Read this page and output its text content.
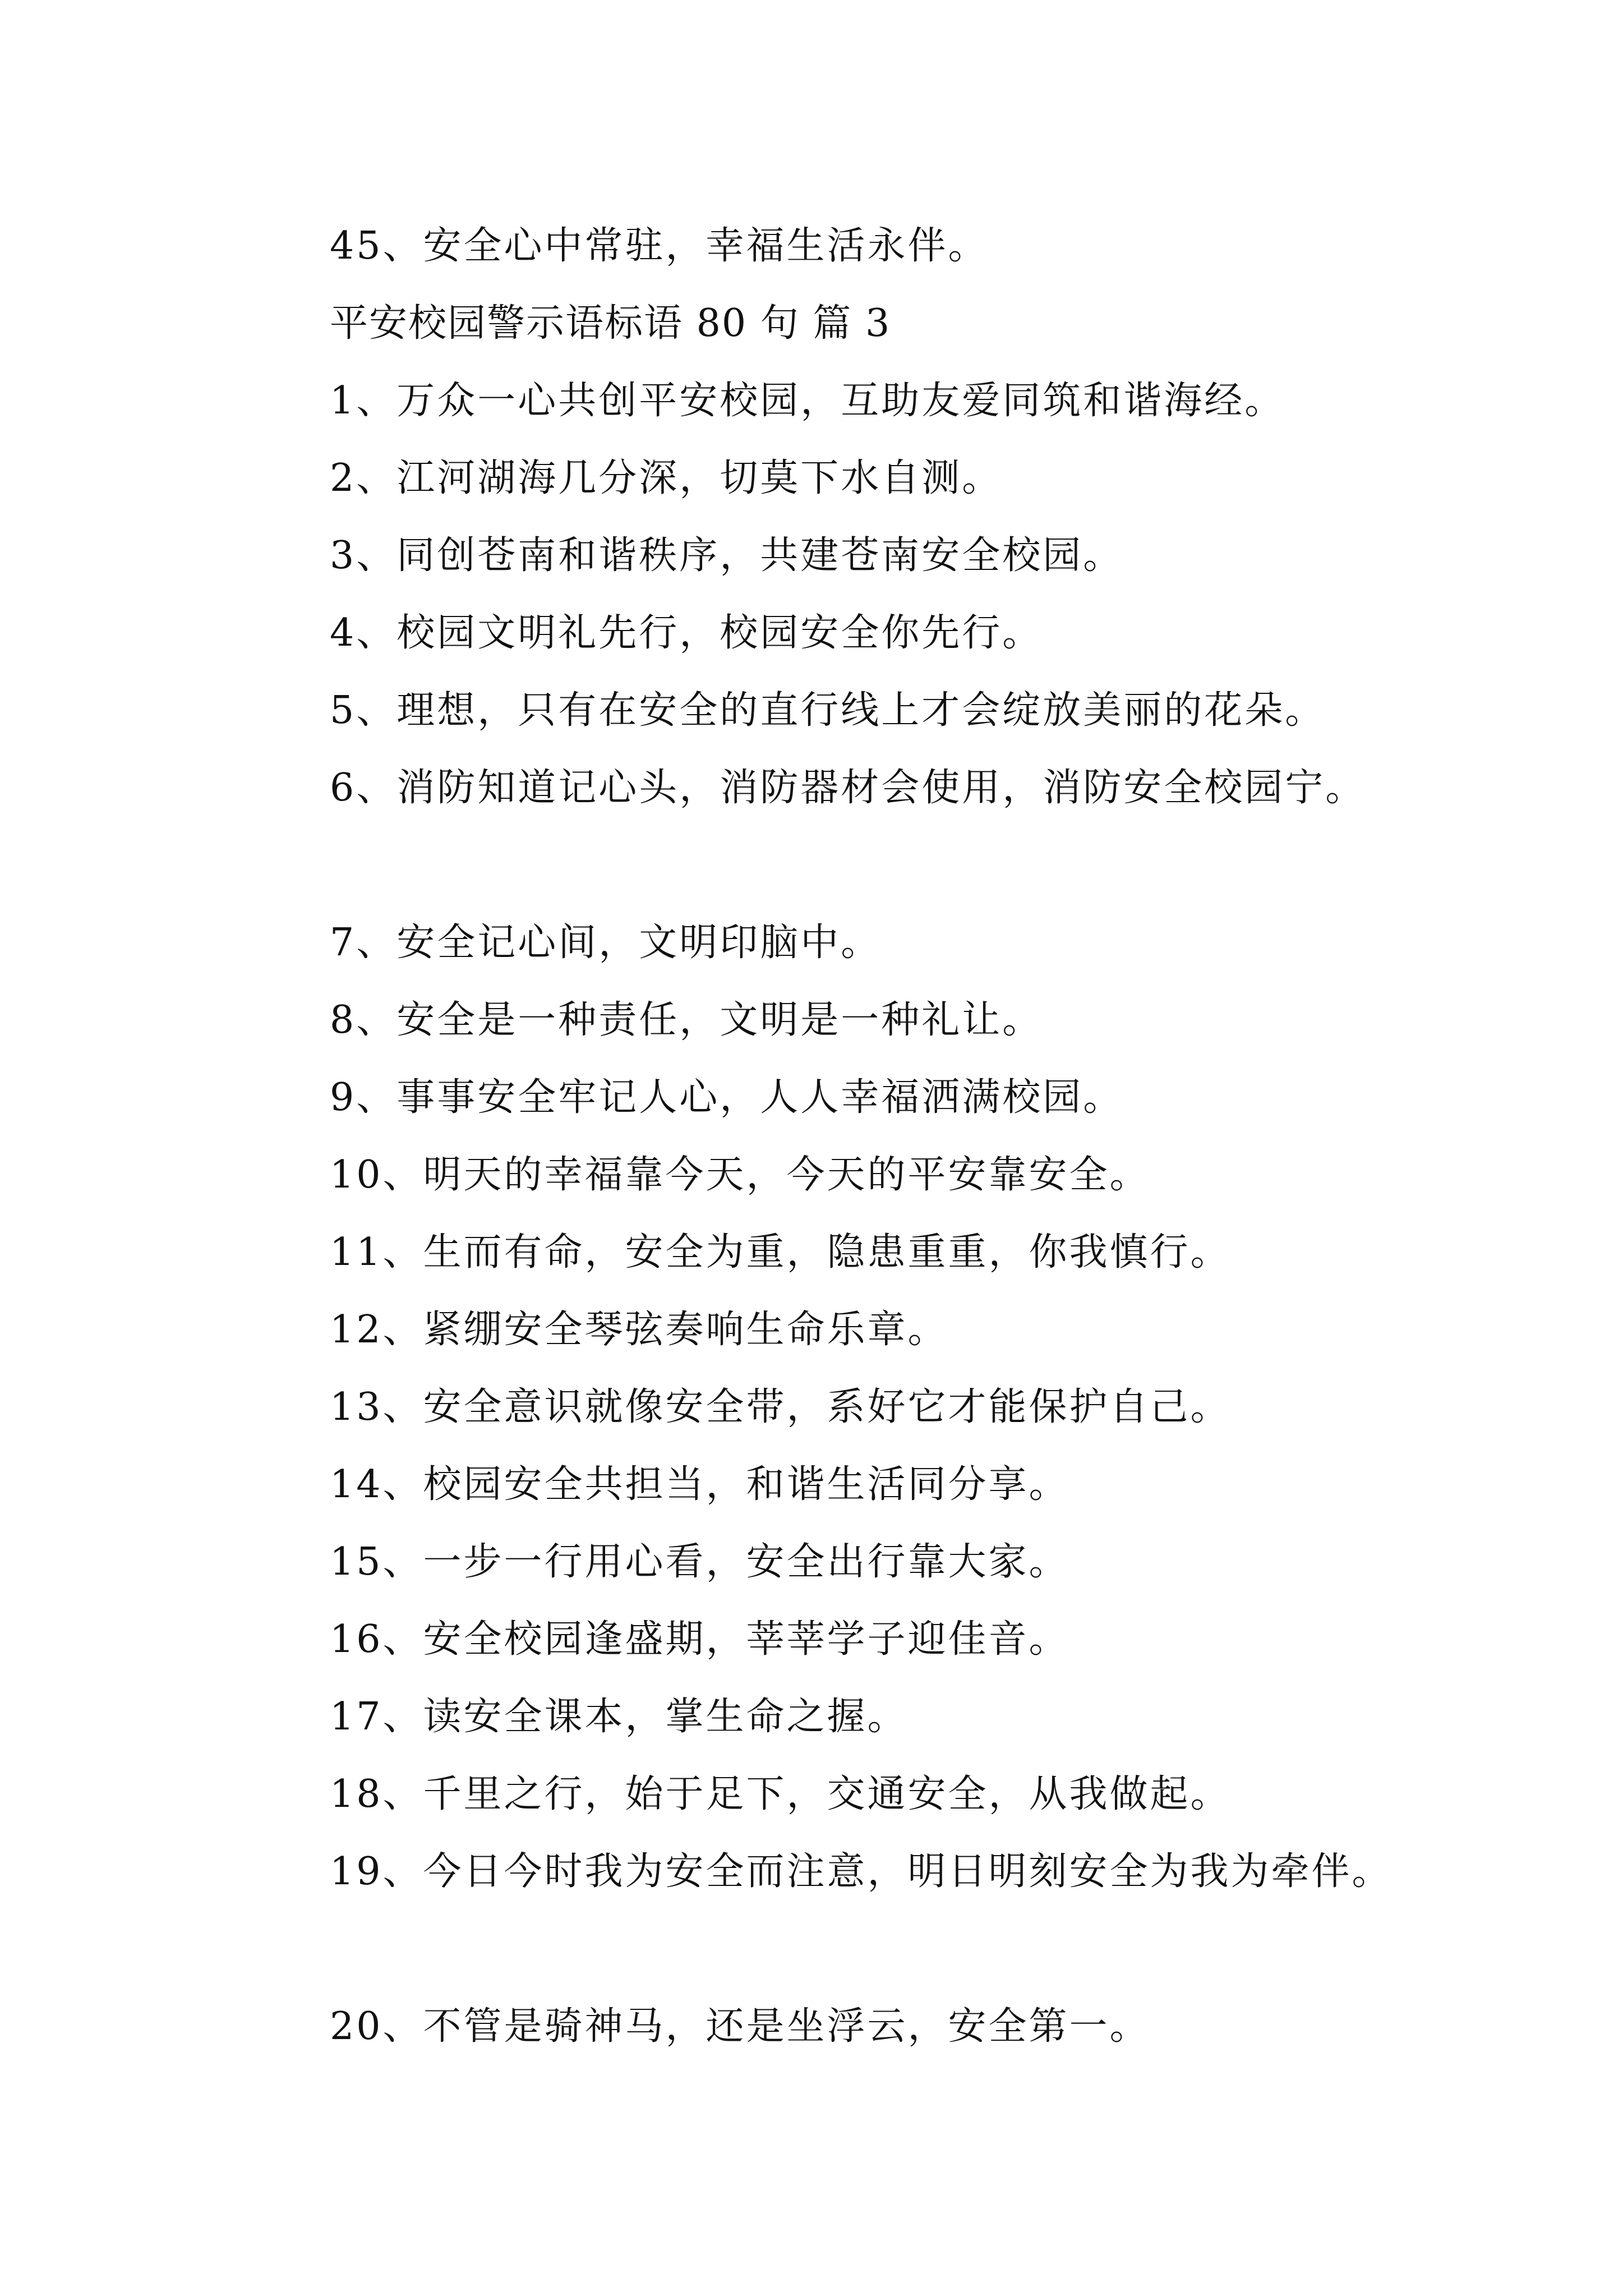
45、安全心中常驻，幸福生活永伴。

平安校园警示语标语 80 句 篇 3

1、万众一心共创平安校园，互助友爱同筑和谐海经。

2、江河湖海几分深，切莫下水自测。

3、同创苍南和谐秩序，共建苍南安全校园。

4、校园文明礼先行，校园安全你先行。

5、理想，只有在安全的直行线上才会绽放美丽的花朵。

6、消防知道记心头，消防器材会使用，消防安全校园宁。

7、安全记心间，文明印脑中。

8、安全是一种责任，文明是一种礼让。

9、事事安全牢记人心，人人幸福洒满校园。

10、明天的幸福靠今天，今天的平安靠安全。

11、生而有命，安全为重，隐患重重，你我慎行。

12、紧绷安全琴弦奏响生命乐章。

13、安全意识就像安全带，系好它才能保护自己。

14、校园安全共担当，和谐生活同分享。

15、一步一行用心看，安全出行靠大家。

16、安全校园逢盛期，莘莘学子迎佳音。

17、读安全课本，掌生命之握。

18、千里之行，始于足下，交通安全，从我做起。

19、今日今时我为安全而注意，明日明刻安全为我为牵伴。

20、不管是骑神马，还是坐浮云，安全第一。
